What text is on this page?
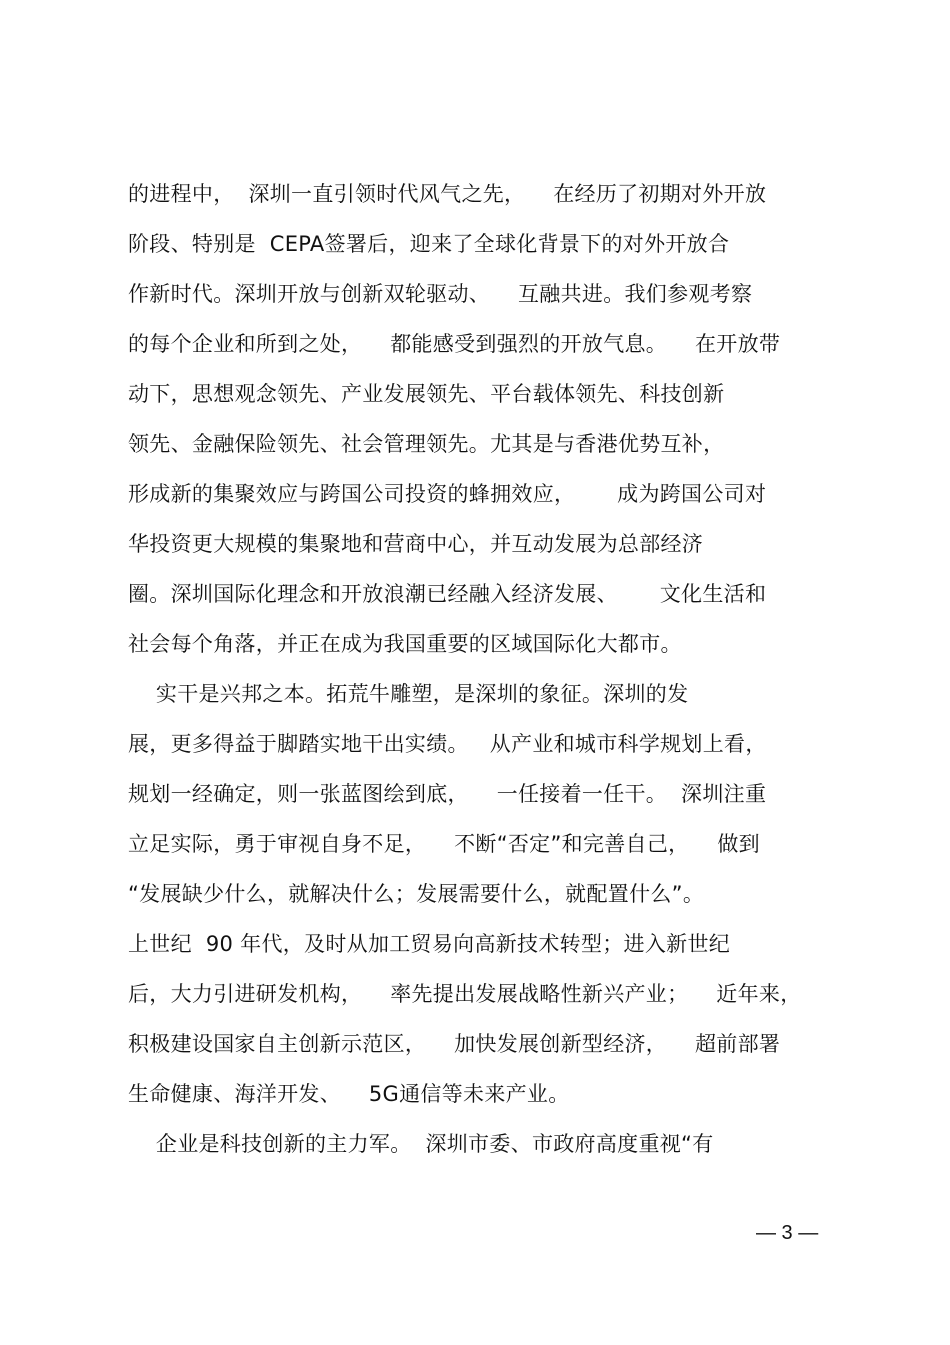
的进程中，  深圳一直引领时代风气之先，    在经历了初期对外开放
阶段、特别是  CEPA签署后，迎来了全球化背景下的对外开放合
作新时代。深圳开放与创新双轮驱动、    互融共进。我们参观考察
的每个企业和所到之处，    都能感受到强烈的开放气息。    在开放带
动下，思想观念领先、产业发展领先、平台载体领先、科技创新
领先、金融保险领先、社会管理领先。尤其是与香港优势互补，
形成新的集聚效应与跨国公司投资的蜂拥效应，      成为跨国公司对
华投资更大规模的集聚地和营商中心，并互动发展为总部经济
圈。深圳国际化理念和开放浪潮已经融入经济发展、      文化生活和
社会每个角落，并正在成为我国重要的区域国际化大都市。
实干是兴邦之本。拓荒牛雕塑，是深圳的象征。深圳的发
展，更多得益于脚踏实地干出实绩。   从产业和城市科学规划上看，
规划一经确定，则一张蓝图绘到底，    一任接着一任干。  深圳注重
立足实际，勇于审视自身不足，    不断“否定”和完善自己，    做到
“发展缺少什么，就解决什么；发展需要什么，就配置什么”。
上世纪  90 年代，及时从加工贸易向高新技术转型；进入新世纪
后，大力引进研发机构，    率先提出发展战略性新兴产业；    近年来，
积极建设国家自主创新示范区，    加快发展创新型经济，    超前部署
生命健康、海洋开发、    5G通信等未来产业。
企业是科技创新的主力军。  深圳市委、市政府高度重视“有
— 3 —
